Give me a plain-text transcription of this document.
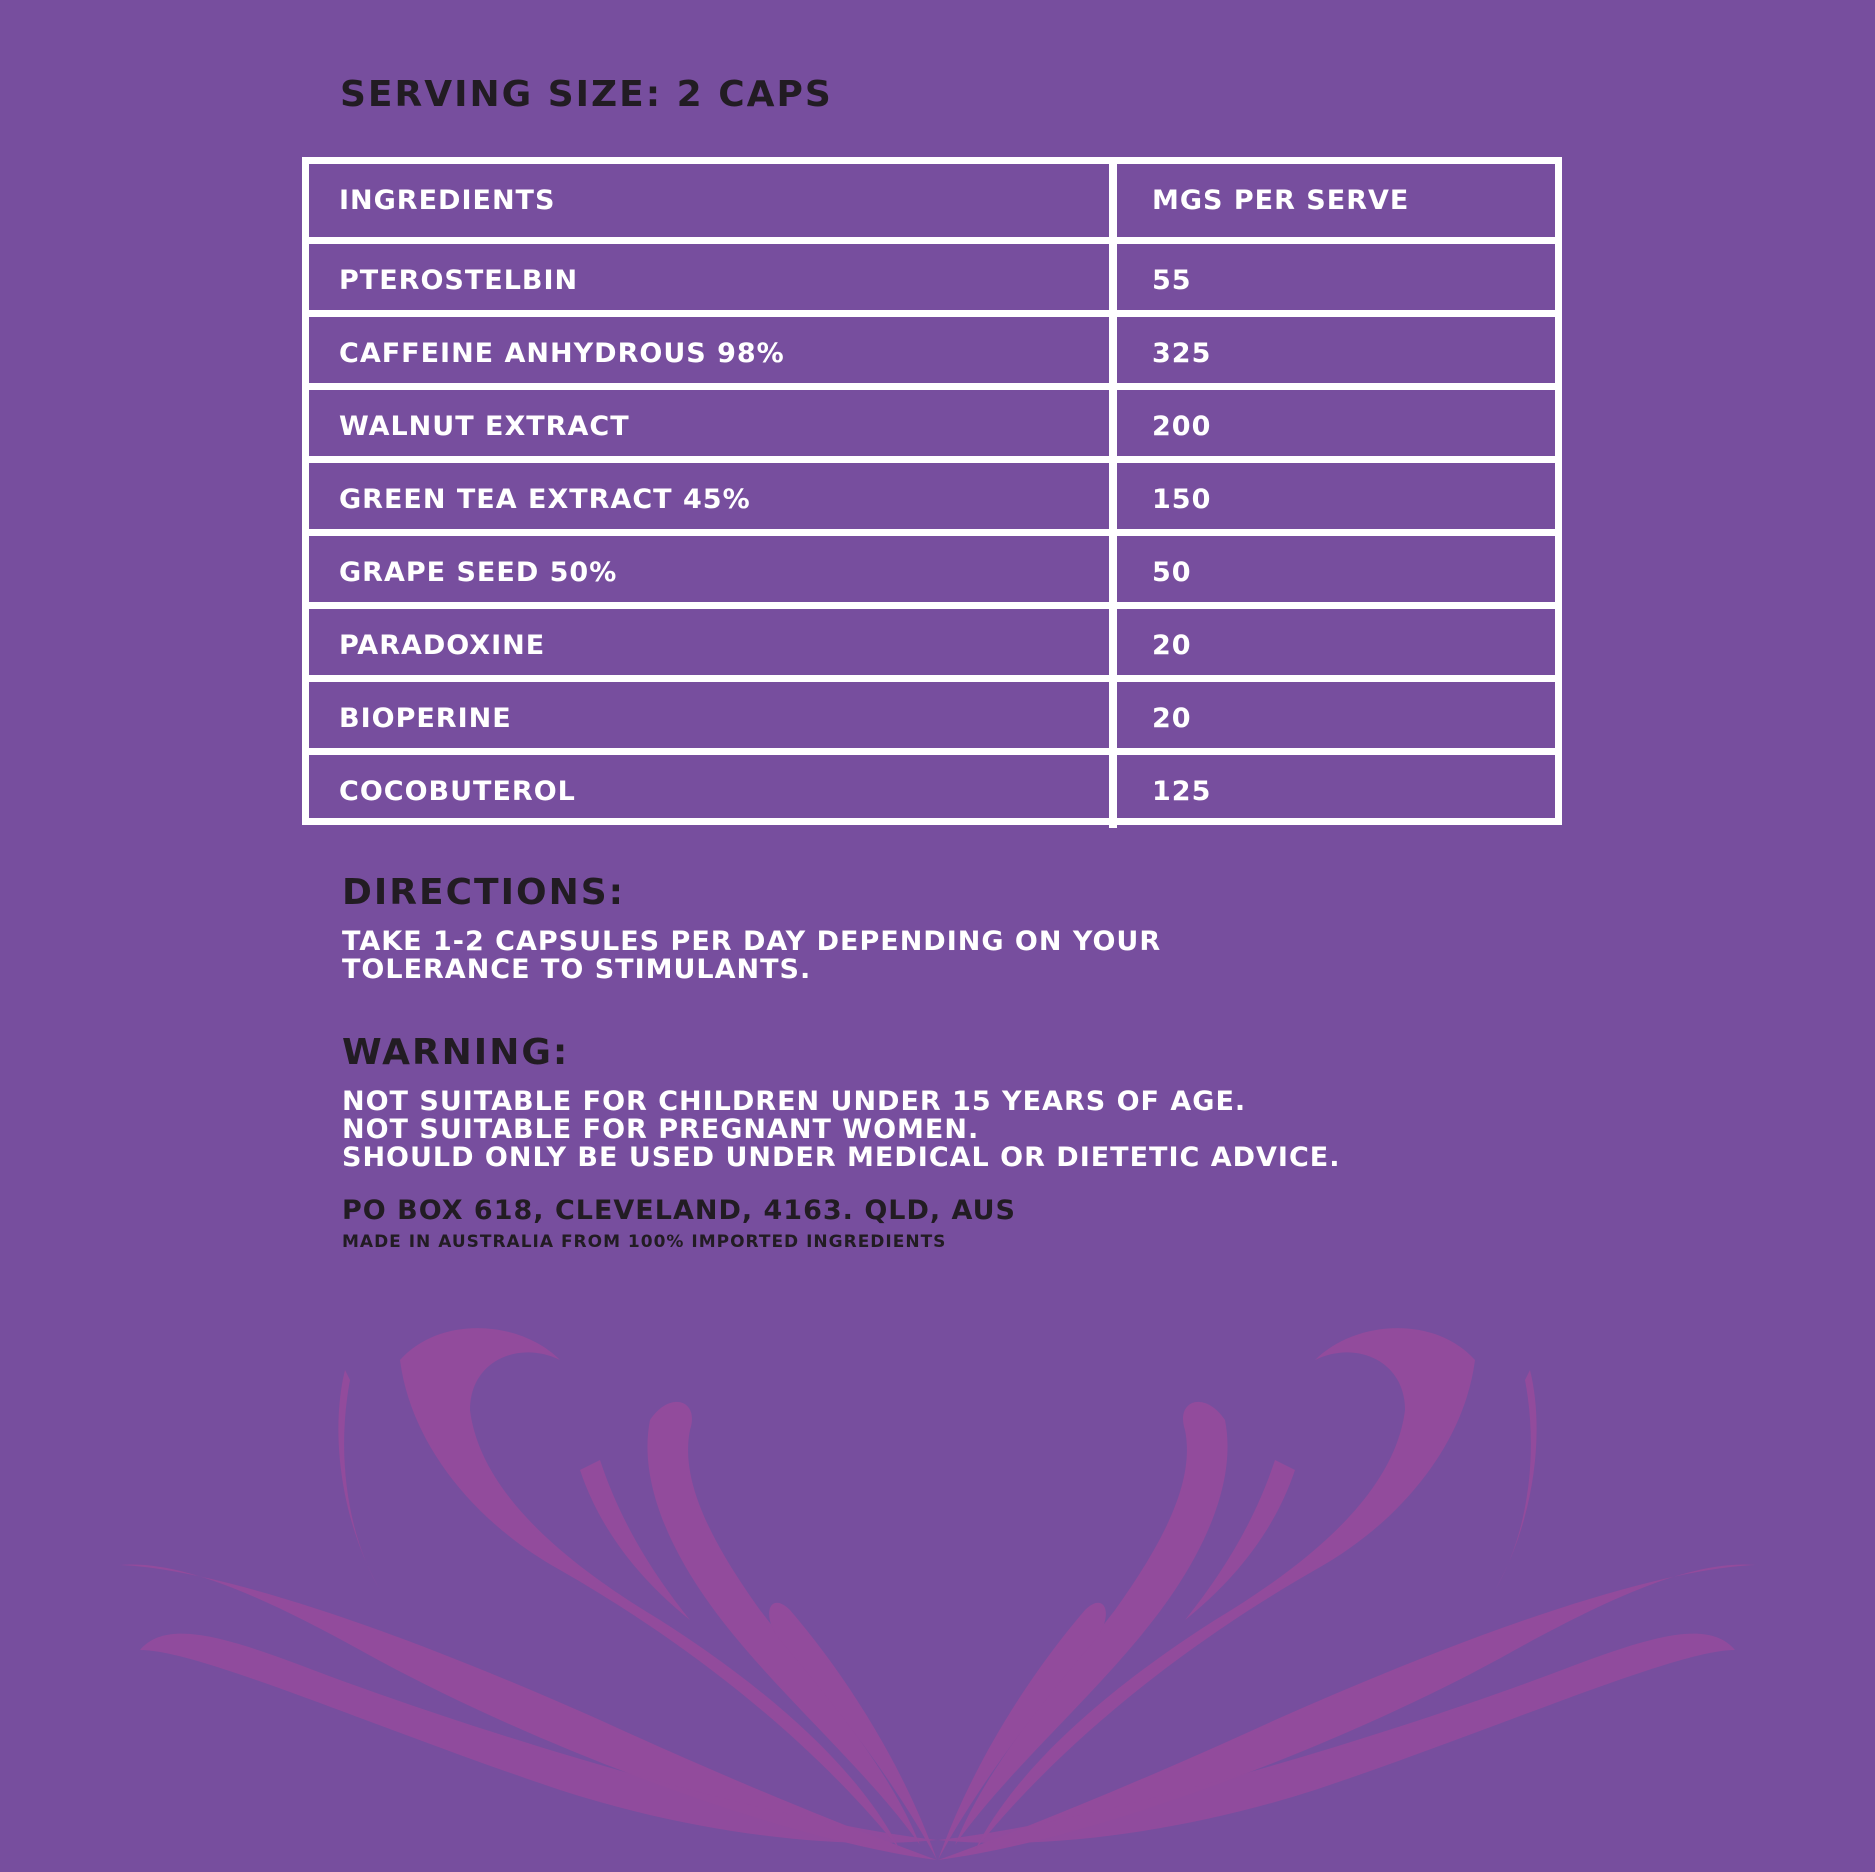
SERVING SIZE: 2 CAPS
INGREDIENTS	MGS PER SERVE
PTEROSTELBIN	55
CAFFEINE ANHYDROUS 98%	325
WALNUT EXTRACT	200
GREEN TEA EXTRACT 45%	150
GRAPE SEED 50%	50
PARADOXINE	20
BIOPERINE	20
COCOBUTEROL	125
DIRECTIONS:
TAKE 1-2 CAPSULES PER DAY DEPENDING ON YOUR
TOLERANCE TO STIMULANTS.
WARNING:
NOT SUITABLE FOR CHILDREN UNDER 15 YEARS OF AGE.
NOT SUITABLE FOR PREGNANT WOMEN.
SHOULD ONLY BE USED UNDER MEDICAL OR DIETETIC ADVICE.
PO BOX 618, CLEVELAND, 4163. QLD, AUS
MADE IN AUSTRALIA FROM 100% IMPORTED INGREDIENTS
